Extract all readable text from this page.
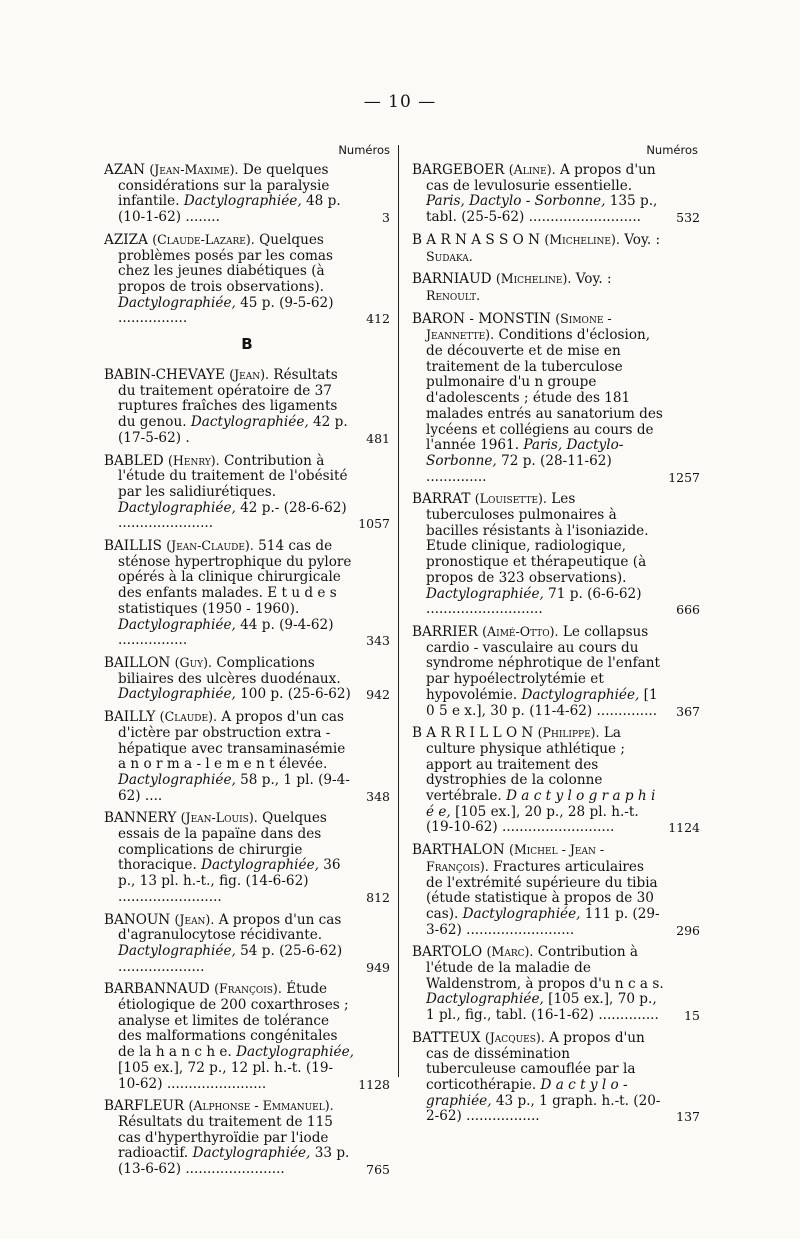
— 10 —
Numéros	Numéros
AZAN (Jean-Maxime). De quelques considérations sur la paralysie infantile. Dactylographiée, 48 p. (10-1-62) ........	3
AZIZA (Claude-Lazare). Quelques problèmes posés par les comas chez les jeunes diabétiques (à propos de trois observations). Dactylographiée, 45 p. (9-5-62) ................	412
B
BABIN-CHEVAYE (Jean). Résultats du traitement opératoire de 37 ruptures fraîches des ligaments du genou. Dactylographiée, 42 p. (17-5-62) .	481
BABLED (Henry). Contribution à l'étude du traitement de l'obésité par les salidiurétiques. Dactylographiée, 42 p.- (28-6-62) ......................	1057
BAILLIS (Jean-Claude). 514 cas de sténose hypertrophique du pylore opérés à la clinique chirurgicale des enfants malades. E t u d e s statistiques (1950 - 1960). Dactylographiée, 44 p. (9-4-62) ................	343
BAILLON (Guy). Complications biliaires des ulcères duodénaux. Dactylographiée, 100 p. (25-6-62) 942
BAILLY (Claude). A propos d'un cas d'ictère par obstruction extra - hépatique avec transaminasémie a n o r m a - l e m e n t élevée. Dactylographiée, 58 p., 1 pl. (9-4-62) ....	348
BANNERY (Jean-Louis). Quelques essais de la papaïne dans des complications de chirurgie thoracique. Dactylographiée, 36 p., 13 pl. h.-t., fig. (14-6-62) ........................	812
BANOUN (Jean). A propos d'un cas d'agranulocytose récidivante. Dactylographiée, 54 p. (25-6-62) ....................	949
BARBANNAUD (François). Étude étiologique de 200 coxarthroses ; analyse et limites de tolérance des malformations congénitales de la h a n c h e. Dactylographiée, [105 ex.], 72 p., 12 pl. h.-t. (19-10-62) .......................	1128
BARFLEUR (Alphonse - Emmanuel). Résultats du traitement de 115 cas d'hyperthyroïdie par l'iode radioactif. Dactylographiée, 33 p. (13-6-62) .......................	765
BARGEBOER (Aline). A propos d'un cas de levulosurie essentielle. Paris, Dactylo - Sorbonne, 135 p., tabl. (25-5-62) ..........................	532
B A R N A S S O N (Micheline). Voy. : Sudaka.
BARNIAUD (Micheline). Voy. : Renoult.
BARON - MONSTIN (Simone - Jeannette). Conditions d'éclosion, de découverte et de mise en traitement de la tuberculose pulmonaire d'u n groupe d'adolescents ; étude des 181 malades entrés au sanatorium des lycéens et collégiens au cours de l'année 1961. Paris, Dactylo-Sorbonne, 72 p. (28-11-62) ..............	1257
BARRAT (Louisette). Les tuberculoses pulmonaires à bacilles résistants à l'isoniazide. Etude clinique, radiologique, pronostique et thérapeutique (à propos de 323 observations). Dactylographiée, 71 p. (6-6-62) ...........................	666
BARRIER (Aimé-Otto). Le collapsus cardio - vasculaire au cours du syndrome néphrotique de l'enfant par hypoélectrolytémie et hypovolémie. Dactylographiée, [1 0 5 e x.], 30 p. (11-4-62) .............. 367
B A R R I L L O N (Philippe). La culture physique athlétique ; apport au traitement des dystrophies de la colonne vertébrale. D a c t y l o g r a p h i é e, [105 ex.], 20 p., 28 pl. h.-t. (19-10-62) ..........................	1124
BARTHALON (Michel - Jean - François). Fractures articulaires de l'extrémité supérieure du tibia (étude statistique à propos de 30 cas). Dactylographiée, 111 p. (29-3-62) .........................	296
BARTOLO (Marc). Contribution à l'étude de la maladie de Waldenstrom, à propos d'u n c a s. Dactylographiée, [105 ex.], 70 p., 1 pl., fig., tabl. (16-1-62) .............. 15
BATTEUX (Jacques). A propos d'un cas de dissémination tuberculeuse camouflée par la corticothérapie. D a c t y l o - graphiée, 43 p., 1 graph. h.-t. (20-2-62) .................	137
